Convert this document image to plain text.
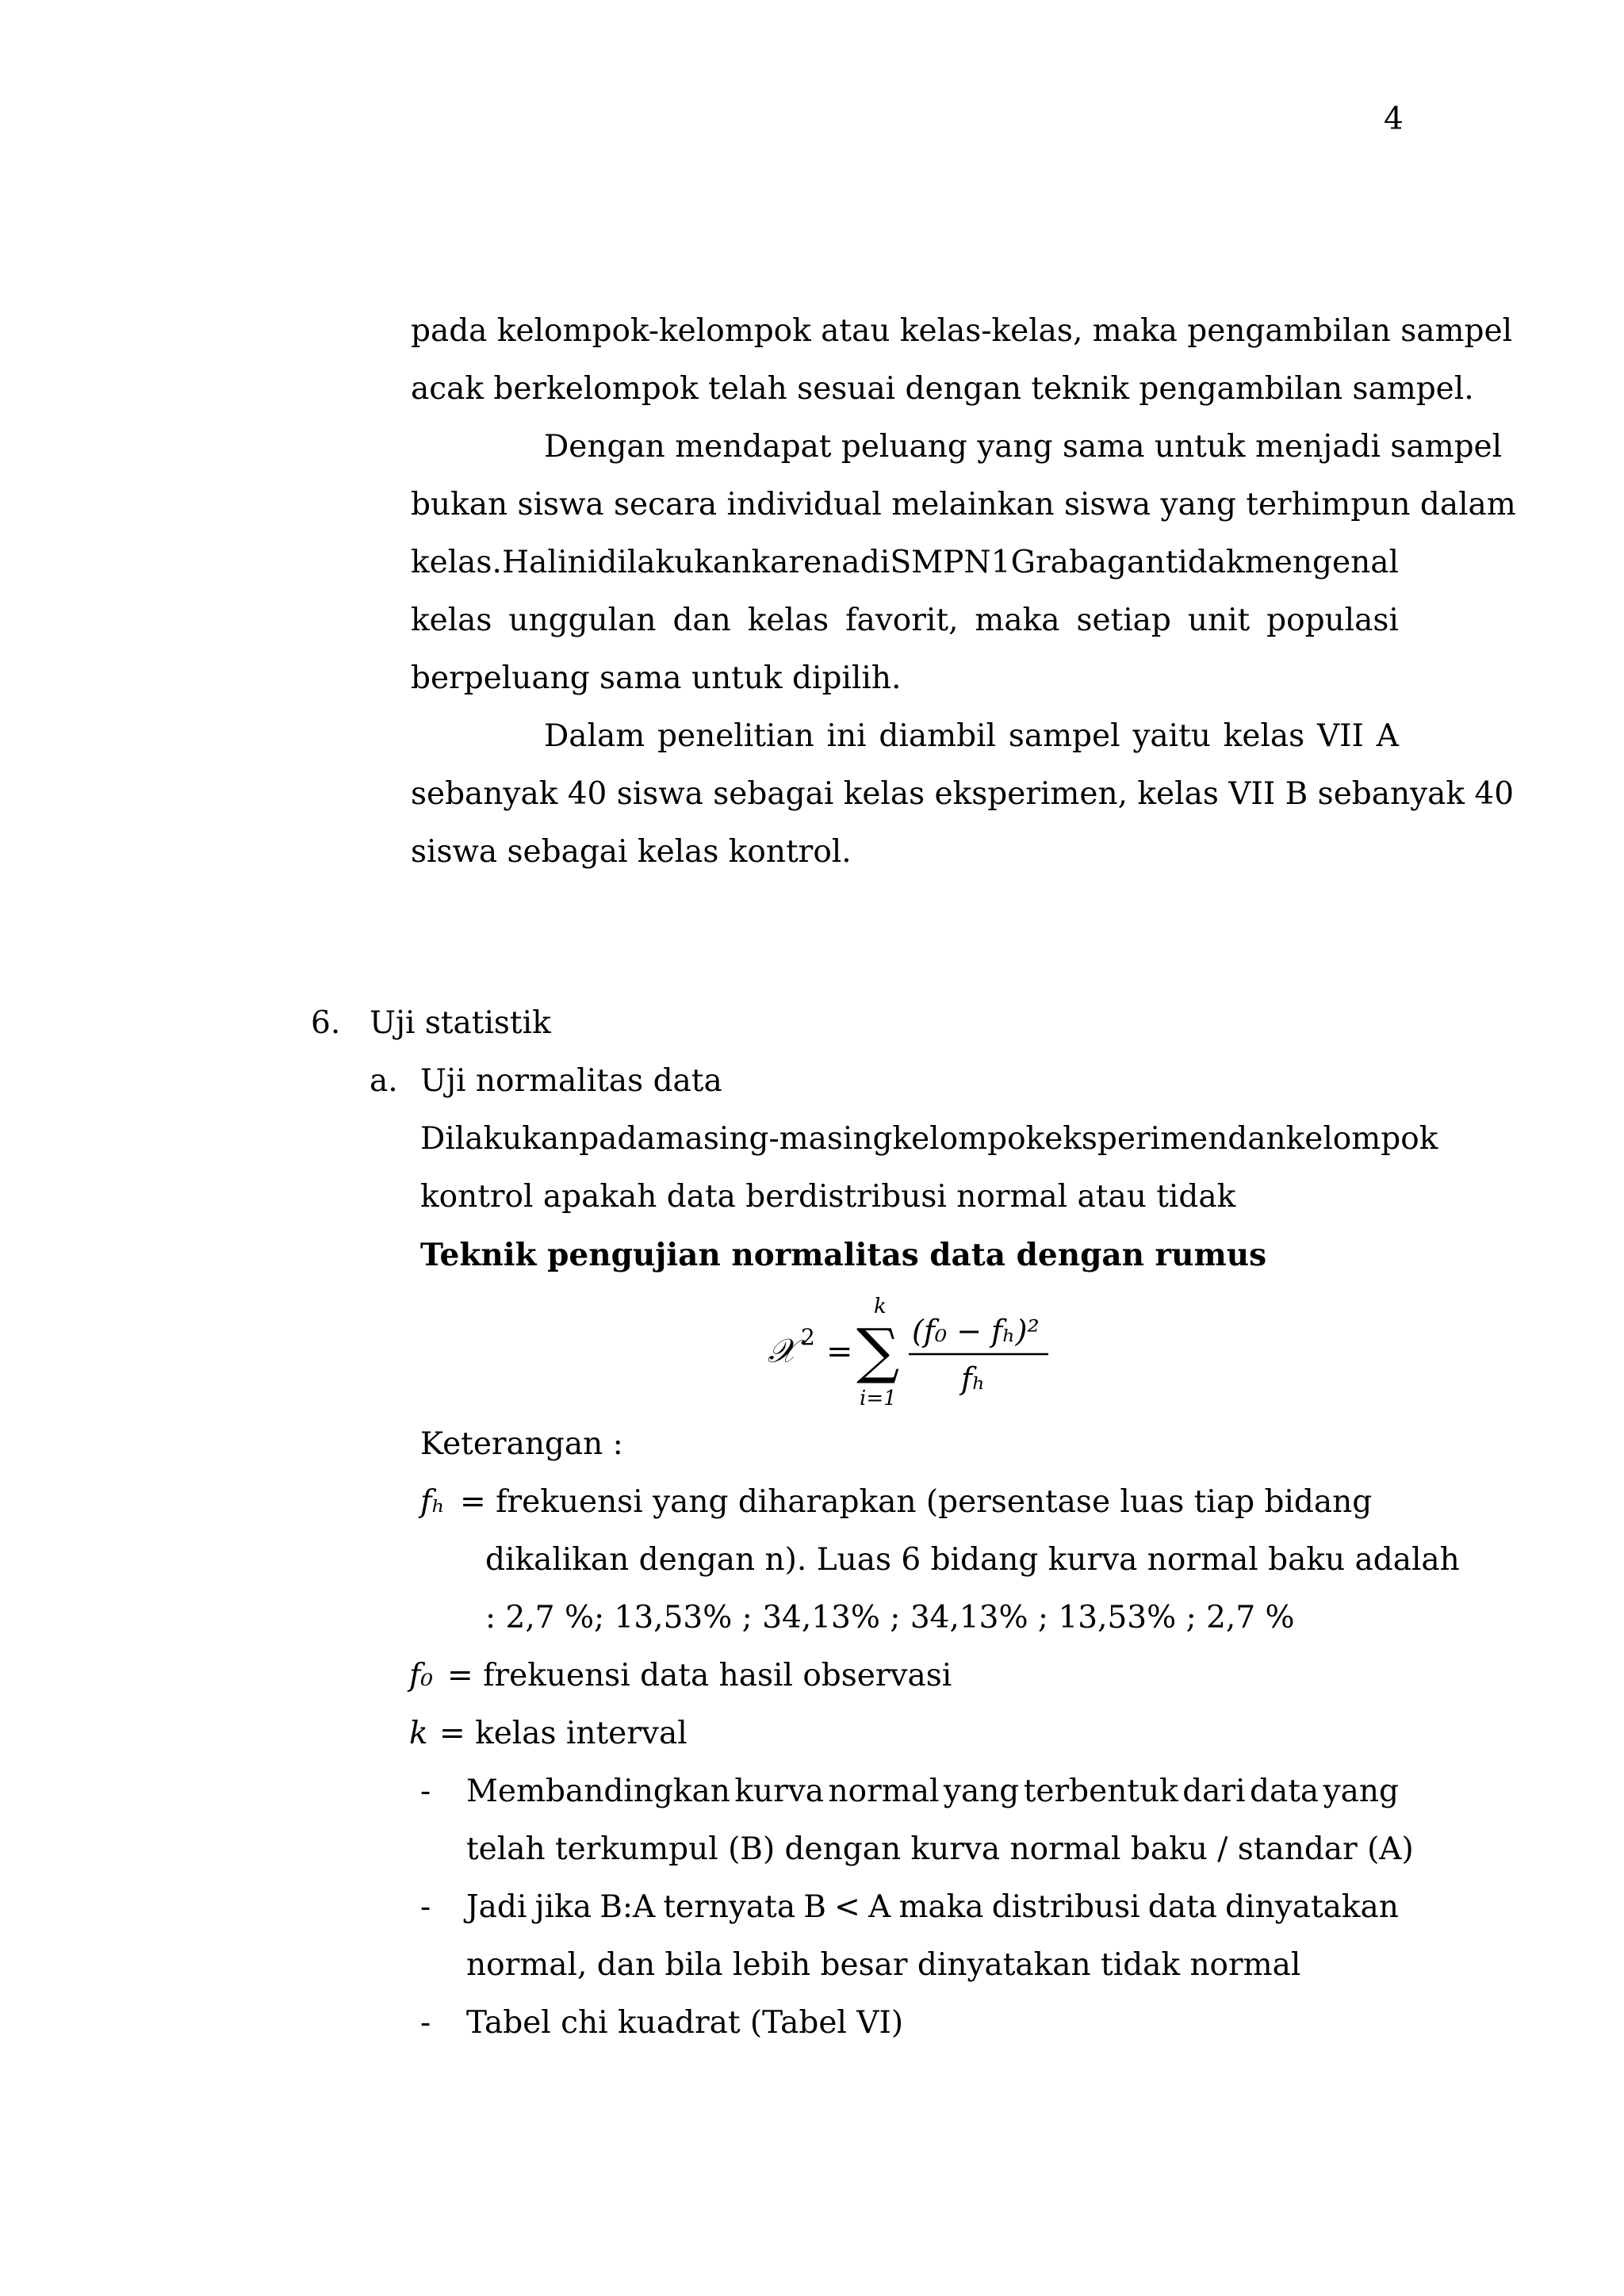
4
pada kelompok-kelompok atau kelas-kelas, maka pengambilan sampel
acak berkelompok telah sesuai dengan teknik pengambilan sampel.
Dengan mendapat peluang yang sama untuk menjadi sampel
bukan siswa secara individual melainkan siswa yang terhimpun dalam
kelas. Hal ini dilakukan karena di SMPN 1 Grabagan tidak mengenal
kelas unggulan dan kelas favorit, maka setiap unit populasi
berpeluang sama untuk dipilih.
Dalam penelitian ini diambil sampel yaitu kelas VII A
sebanyak 40 siswa sebagai kelas eksperimen, kelas VII B sebanyak 40
siswa sebagai kelas kontrol.
6. Uji statistik
a. Uji normalitas data
Dilakukan pada masing-masing kelompok eksperimen dan kelompok
kontrol apakah data berdistribusi normal atau tidak
Teknik pengujian normalitas data dengan rumus
𝒳 2 = ∑
k
i=1
(f₀ − fₕ)²
fₕ
Keterangan :
fₕ = frekuensi yang diharapkan (persentase luas tiap bidang
dikalikan dengan n). Luas 6 bidang kurva normal baku adalah
: 2,7 %; 13,53% ; 34,13% ; 34,13% ; 13,53% ; 2,7 %
f₀ = frekuensi data hasil observasi
k = kelas interval
- Membandingkan kurva normal yang terbentuk dari data yang
telah terkumpul (B) dengan kurva normal baku / standar (A)
- Jadi jika B:A ternyata B < A maka distribusi data dinyatakan
normal, dan bila lebih besar dinyatakan tidak normal
- Tabel chi kuadrat (Tabel VI)
